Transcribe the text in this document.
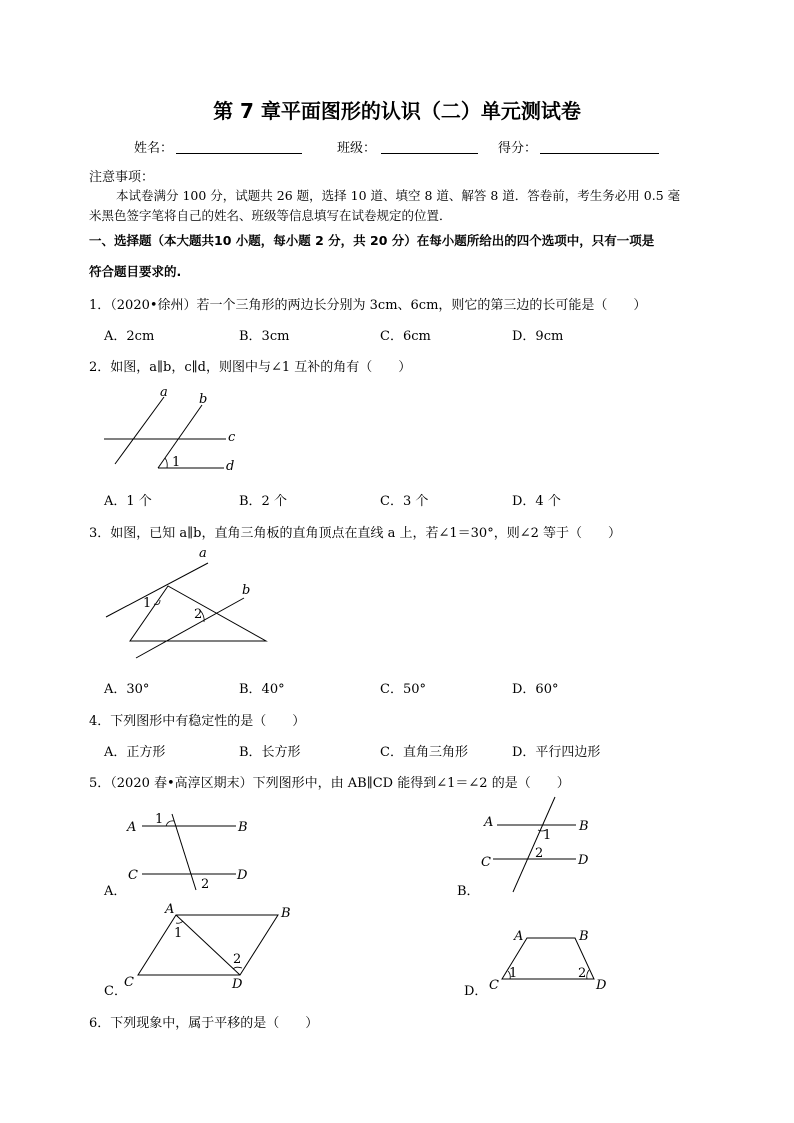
第 7 章平面图形的认识（二）单元测试卷
姓名：	班级：	得分：
注意事项：
本试卷满分 100 分，试题共 26 题，选择 10 道、填空 8 道、解答 8 道．答卷前，考生务必用 0.5 毫
米黑色签字笔将自己的姓名、班级等信息填写在试卷规定的位置．
一、选择题（本大题共10 小题，每小题 2 分，共 20 分）在每小题所给出的四个选项中，只有一项是
符合题目要求的.
1．（2020•徐州）若一个三角形的两边长分别为 3cm、6cm，则它的第三边的长可能是（　　）
A．2cm	B．3cm	C．6cm	D．9cm
2．如图，a∥b，c∥d，则图中与∠1 互补的角有（　　）
a b
c
d
1
A．1 个	B．2 个	C．3 个	D．4 个
3．如图，已知 a∥b，直角三角板的直角顶点在直线 a 上，若∠1＝30°，则∠2 等于（　　）
a
b
1
2
A．30°	B．40°	C．50°	D．60°
4．下列图形中有稳定性的是（　　）
A．正方形	B．长方形	C．直角三角形	D．平行四边形
5．（2020 春•高淳区期末）下列图形中，由 AB∥CD 能得到∠1＝∠2 的是（　　）
A	B
C	D
1
2
A．
A	B
C	D
1
2
B．
A	B
C	D
1
2
C．
A	B
C	D
1	2
D．
6．下列现象中，属于平移的是（　　）
